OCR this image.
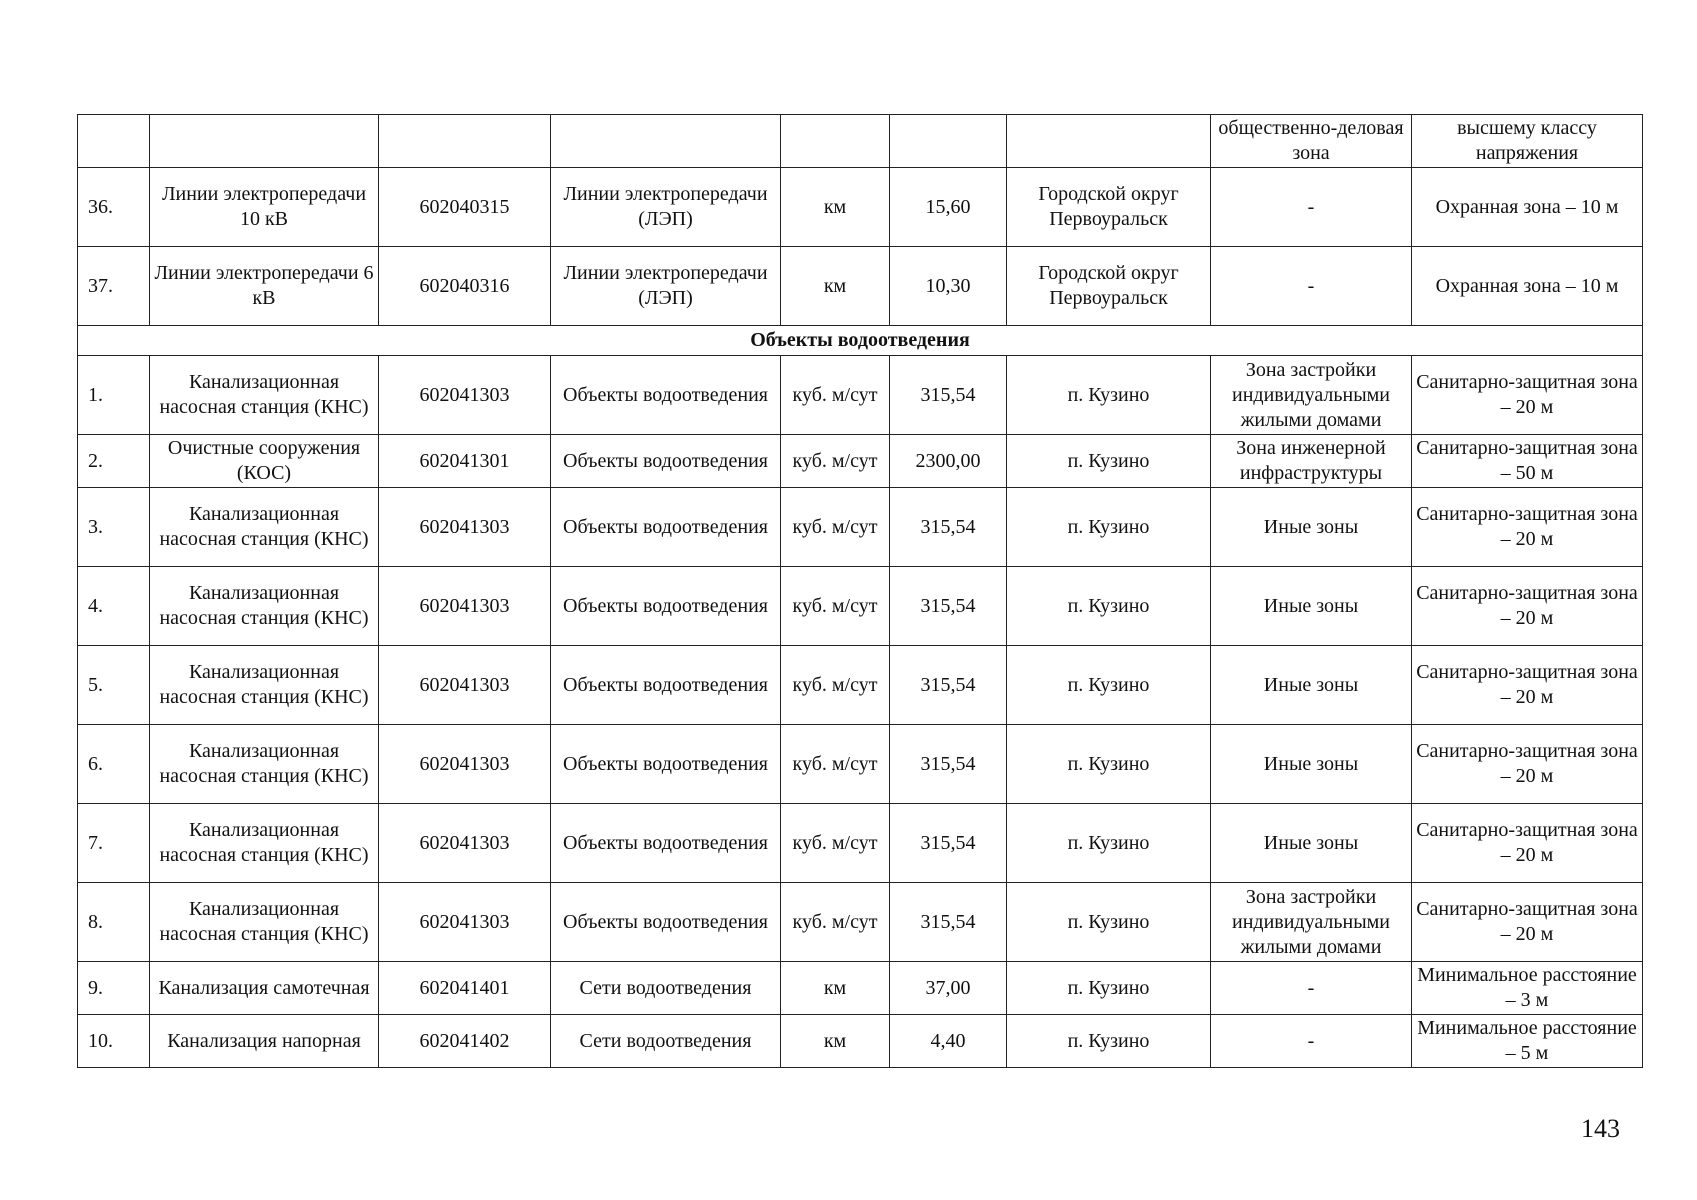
							общественно-деловая зона	высшему классу напряжения
36.	Линии электропередачи 10 кВ	602040315	Линии электропередачи (ЛЭП)	км	15,60	Городской округ Первоуральск	-	Охранная зона – 10 м
37.	Линии электропередачи 6 кВ	602040316	Линии электропередачи (ЛЭП)	км	10,30	Городской округ Первоуральск	-	Охранная зона – 10 м
Объекты водоотведения								
1.	Канализационная насосная станция (КНС)	602041303	Объекты водоотведения	куб. м/сут	315,54	п. Кузино	Зона застройки индивидуальными жилыми домами	Санитарно-защитная зона – 20 м
2.	Очистные сооружения (КОС)	602041301	Объекты водоотведения	куб. м/сут	2300,00	п. Кузино	Зона инженерной инфраструктуры	Санитарно-защитная зона – 50 м
3.	Канализационная насосная станция (КНС)	602041303	Объекты водоотведения	куб. м/сут	315,54	п. Кузино	Иные зоны	Санитарно-защитная зона – 20 м
4.	Канализационная насосная станция (КНС)	602041303	Объекты водоотведения	куб. м/сут	315,54	п. Кузино	Иные зоны	Санитарно-защитная зона – 20 м
5.	Канализационная насосная станция (КНС)	602041303	Объекты водоотведения	куб. м/сут	315,54	п. Кузино	Иные зоны	Санитарно-защитная зона – 20 м
6.	Канализационная насосная станция (КНС)	602041303	Объекты водоотведения	куб. м/сут	315,54	п. Кузино	Иные зоны	Санитарно-защитная зона – 20 м
7.	Канализационная насосная станция (КНС)	602041303	Объекты водоотведения	куб. м/сут	315,54	п. Кузино	Иные зоны	Санитарно-защитная зона – 20 м
8.	Канализационная насосная станция (КНС)	602041303	Объекты водоотведения	куб. м/сут	315,54	п. Кузино	Зона застройки индивидуальными жилыми домами	Санитарно-защитная зона – 20 м
9.	Канализация самотечная	602041401	Сети водоотведения	км	37,00	п. Кузино	-	Минимальное расстояние – 3 м
10.	Канализация напорная	602041402	Сети водоотведения	км	4,40	п. Кузино	-	Минимальное расстояние – 5 м
143
